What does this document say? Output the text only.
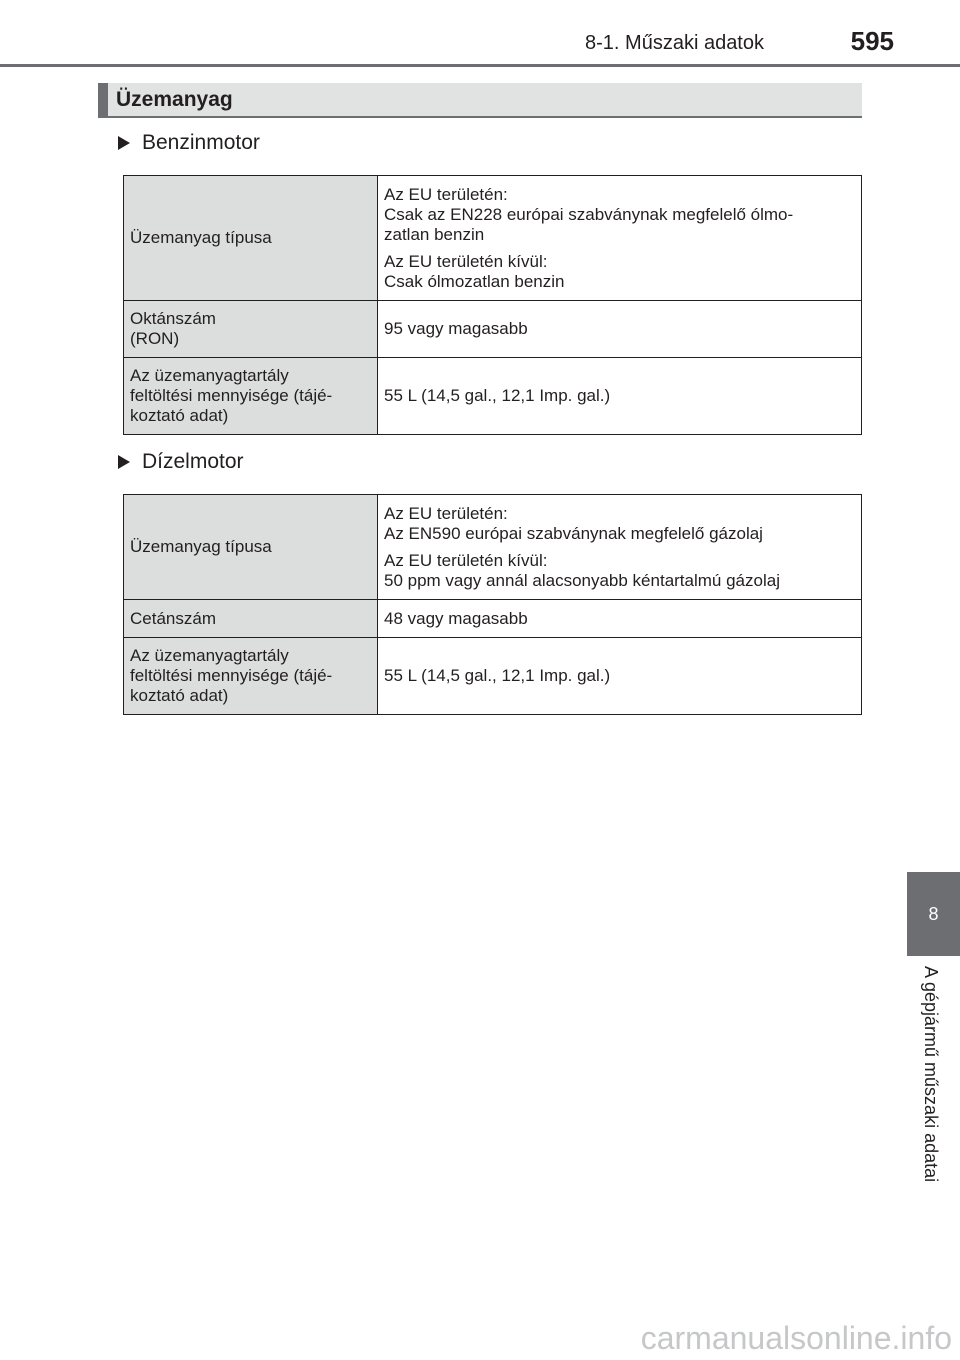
8-1. Műszaki adatok	595
Üzemanyag
Benzinmotor
Üzemanyag típusa	Az EU területén:
Csak az EN228 európai szabványnak megfelelő ólmo-
zatlan benzin

Az EU területén kívül:
Csak ólmozatlan benzin

Oktánszám
(RON)	95 vagy magasabb

Az üzemanyagtartály
feltöltési mennyisége (tájé-
koztató adat)	55 L (14,5 gal., 12,1 Imp. gal.)

Dízelmotor
Üzemanyag típusa	Az EU területén:
Az EN590 európai szabványnak megfelelő gázolaj

Az EU területén kívül:
50 ppm vagy annál alacsonyabb kéntartalmú gázolaj

Cetánszám	48 vagy magasabb

Az üzemanyagtartály
feltöltési mennyisége (tájé-
koztató adat)	55 L (14,5 gal., 12,1 Imp. gal.)

8
A gépjármű műszaki adatai
carmanualsonline.info
